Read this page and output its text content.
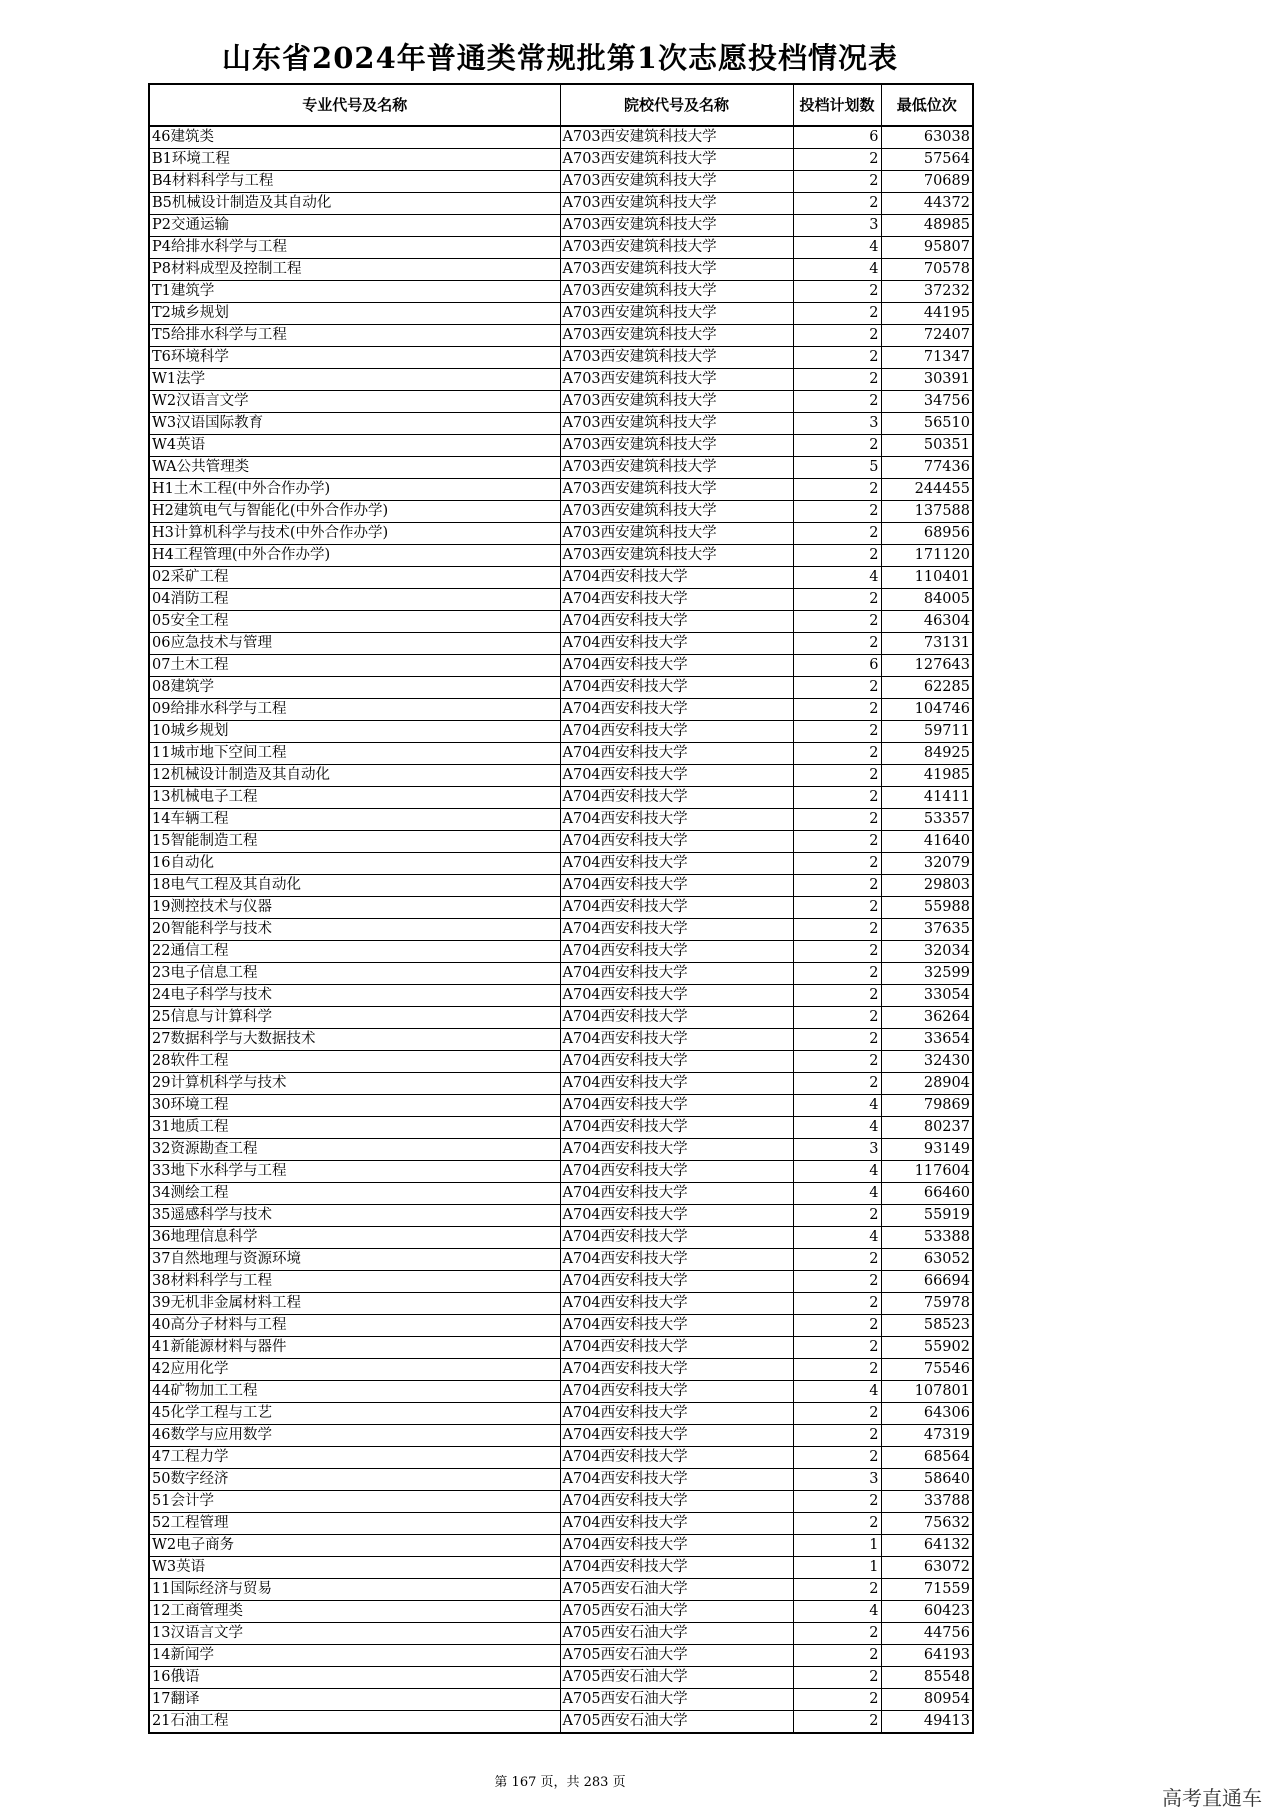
山东省2024年普通类常规批第1次志愿投档情况表
专业代号及名称	院校代号及名称	投档计划数	最低位次
46建筑类	A703西安建筑科技大学	6	63038
B1环境工程	A703西安建筑科技大学	2	57564
B4材料科学与工程	A703西安建筑科技大学	2	70689
B5机械设计制造及其自动化	A703西安建筑科技大学	2	44372
P2交通运输	A703西安建筑科技大学	3	48985
P4给排水科学与工程	A703西安建筑科技大学	4	95807
P8材料成型及控制工程	A703西安建筑科技大学	4	70578
T1建筑学	A703西安建筑科技大学	2	37232
T2城乡规划	A703西安建筑科技大学	2	44195
T5给排水科学与工程	A703西安建筑科技大学	2	72407
T6环境科学	A703西安建筑科技大学	2	71347
W1法学	A703西安建筑科技大学	2	30391
W2汉语言文学	A703西安建筑科技大学	2	34756
W3汉语国际教育	A703西安建筑科技大学	3	56510
W4英语	A703西安建筑科技大学	2	50351
WA公共管理类	A703西安建筑科技大学	5	77436
H1土木工程(中外合作办学)	A703西安建筑科技大学	2	244455
H2建筑电气与智能化(中外合作办学)	A703西安建筑科技大学	2	137588
H3计算机科学与技术(中外合作办学)	A703西安建筑科技大学	2	68956
H4工程管理(中外合作办学)	A703西安建筑科技大学	2	171120
02采矿工程	A704西安科技大学	4	110401
04消防工程	A704西安科技大学	2	84005
05安全工程	A704西安科技大学	2	46304
06应急技术与管理	A704西安科技大学	2	73131
07土木工程	A704西安科技大学	6	127643
08建筑学	A704西安科技大学	2	62285
09给排水科学与工程	A704西安科技大学	2	104746
10城乡规划	A704西安科技大学	2	59711
11城市地下空间工程	A704西安科技大学	2	84925
12机械设计制造及其自动化	A704西安科技大学	2	41985
13机械电子工程	A704西安科技大学	2	41411
14车辆工程	A704西安科技大学	2	53357
15智能制造工程	A704西安科技大学	2	41640
16自动化	A704西安科技大学	2	32079
18电气工程及其自动化	A704西安科技大学	2	29803
19测控技术与仪器	A704西安科技大学	2	55988
20智能科学与技术	A704西安科技大学	2	37635
22通信工程	A704西安科技大学	2	32034
23电子信息工程	A704西安科技大学	2	32599
24电子科学与技术	A704西安科技大学	2	33054
25信息与计算科学	A704西安科技大学	2	36264
27数据科学与大数据技术	A704西安科技大学	2	33654
28软件工程	A704西安科技大学	2	32430
29计算机科学与技术	A704西安科技大学	2	28904
30环境工程	A704西安科技大学	4	79869
31地质工程	A704西安科技大学	4	80237
32资源勘查工程	A704西安科技大学	3	93149
33地下水科学与工程	A704西安科技大学	4	117604
34测绘工程	A704西安科技大学	4	66460
35遥感科学与技术	A704西安科技大学	2	55919
36地理信息科学	A704西安科技大学	4	53388
37自然地理与资源环境	A704西安科技大学	2	63052
38材料科学与工程	A704西安科技大学	2	66694
39无机非金属材料工程	A704西安科技大学	2	75978
40高分子材料与工程	A704西安科技大学	2	58523
41新能源材料与器件	A704西安科技大学	2	55902
42应用化学	A704西安科技大学	2	75546
44矿物加工工程	A704西安科技大学	4	107801
45化学工程与工艺	A704西安科技大学	2	64306
46数学与应用数学	A704西安科技大学	2	47319
47工程力学	A704西安科技大学	2	68564
50数字经济	A704西安科技大学	3	58640
51会计学	A704西安科技大学	2	33788
52工程管理	A704西安科技大学	2	75632
W2电子商务	A704西安科技大学	1	64132
W3英语	A704西安科技大学	1	63072
11国际经济与贸易	A705西安石油大学	2	71559
12工商管理类	A705西安石油大学	4	60423
13汉语言文学	A705西安石油大学	2	44756
14新闻学	A705西安石油大学	2	64193
16俄语	A705西安石油大学	2	85548
17翻译	A705西安石油大学	2	80954
21石油工程	A705西安石油大学	2	49413
第 167 页，共 283 页
高考直通车
